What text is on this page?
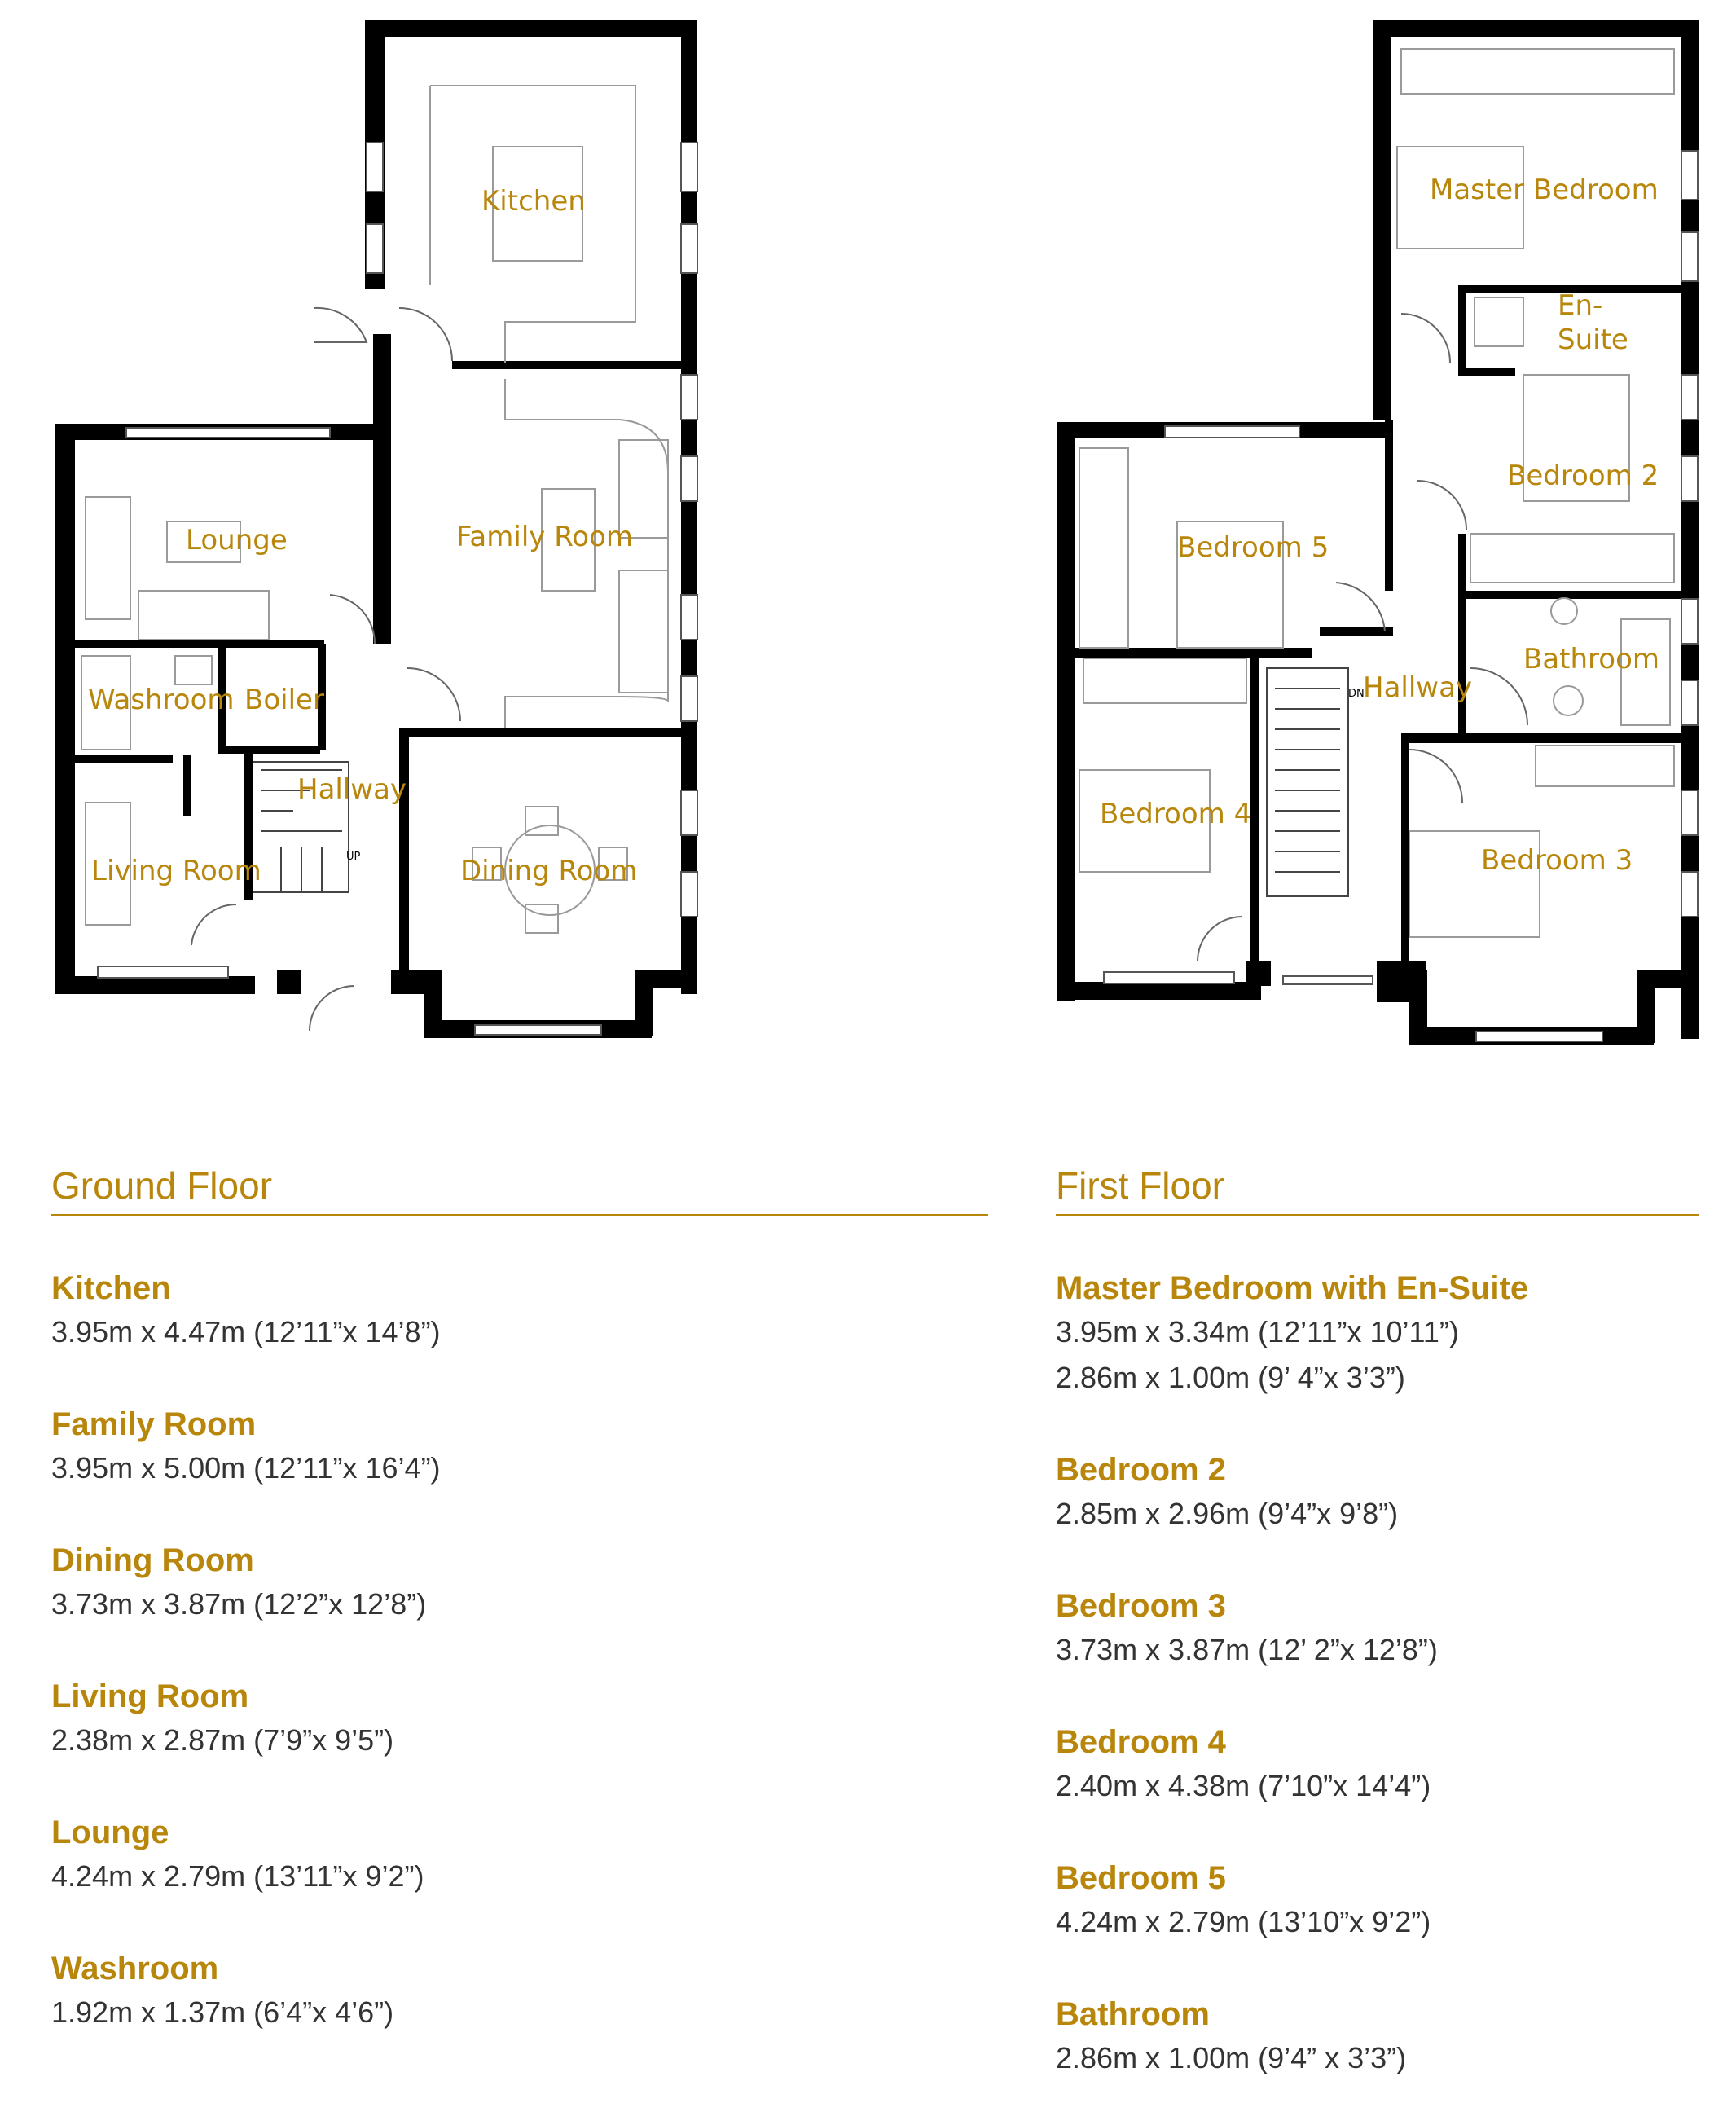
Kitchen
Family Room
Lounge
Washroom Boiler
Hallway
Living Room	Dining Room
UP
Master Bedroom
En-
Suite
Bedroom 2
Bedroom 5
Hallway
Bathroom
Bedroom 4
Bedroom 3
DN
Ground Floor	First Floor
Kitchen
3.95m x 4.47m (12’11”x 14’8”)
Family Room
3.95m x 5.00m (12’11”x 16’4”)
Dining Room
3.73m x 3.87m (12’2”x 12’8”)
Living Room
2.38m x 2.87m (7’9”x 9’5”)
Lounge
4.24m x 2.79m (13’11”x 9’2”)
Washroom
1.92m x 1.37m (6’4”x 4’6”)
Master Bedroom with En-Suite
3.95m x 3.34m (12’11”x 10’11”)
2.86m x 1.00m (9’ 4”x 3’3”)
Bedroom 2
2.85m x 2.96m (9’4”x 9’8”)
Bedroom 3
3.73m x 3.87m (12’ 2”x 12’8”)
Bedroom 4
2.40m x 4.38m (7’10”x 14’4”)
Bedroom 5
4.24m x 2.79m (13’10”x 9’2”)
Bathroom
2.86m x 1.00m (9’4” x 3’3”)
